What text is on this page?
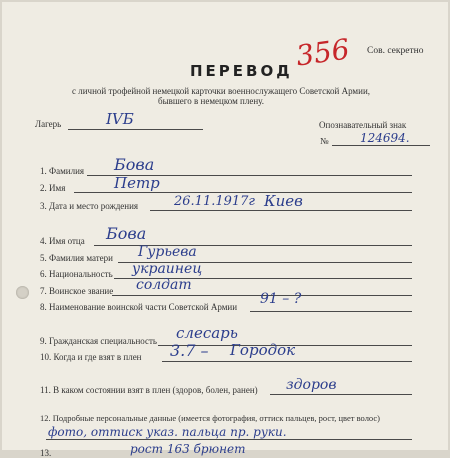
Сов. секретно
ПЕРЕВОД 356
с личной трофейной немецкой карточки военнослужащего Советской Армии,
бывшего в немецком плену.
Лагерь	IVБ	Опознавательный знак
№	124694.
1. Фамилия Бова
2. Имя	Петр
3. Дата и место рождения	26.11.1917г Киев
4. Имя отца Бова
5. Фамилия матери Гурьева
6. Национальность украинец
7. Воинское звание солдат
8. Наименование воинской части Советской Армии 91 – ?
9. Гражданская специальность слесарь
10. Когда и где взят в плен 3.7 – Городок
11. В каком состоянии взят в плен (здоров, болен, ранен) здоров
12. Подробные персональные данные (имеется фотография, оттиск пальцев, рост, цвет волос)
фото, оттиск указ. пальца пр. руки.
13.	рост 163 брюнет
